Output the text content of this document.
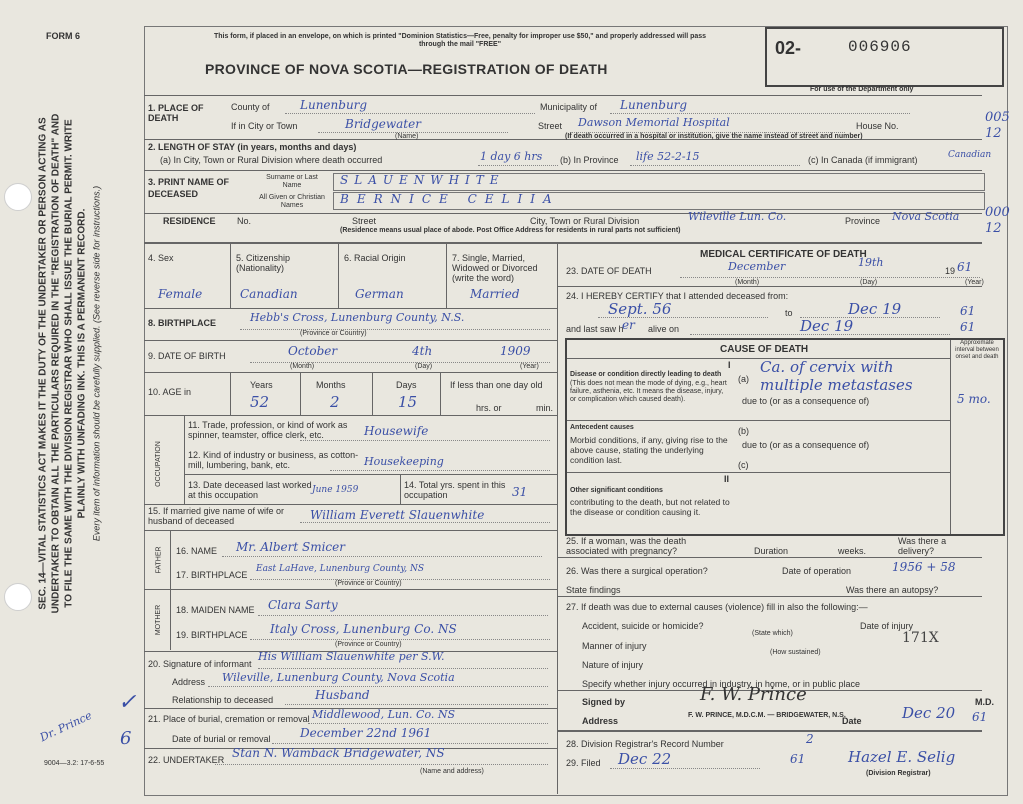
FORM 6
SEC. 14—VITAL STATISTICS ACT MAKES IT THE DUTY OF THE UNDERTAKER OR PERSON ACTING AS UNDERTAKER TO OBTAIN ALL THE PARTICULARS REQUIRED IN THE "REGISTRATION OF DEATH" AND TO FILE THE SAME WITH THE DIVISION REGISTRAR WHO SHALL ISSUE THE BURIAL PERMIT. WRITE PLAINLY WITH UNFADING INK. THIS IS A PERMANENT RECORD. Every item of information should be carefully supplied. (See reverse side for instructions.)
Dr. Prince
✓
6
9004—3.2: 17-6-55
This form, if placed in an envelope, on which is printed "Dominion Statistics—Free, penalty for improper use $50," and properly addressed will pass through the mail "FREE"
PROVINCE OF NOVA SCOTIA—REGISTRATION OF DEATH
02-	006906
For use of the Department only
005 12
000 12
1. PLACE OF DEATH
County of	Lunenburg	Municipality of Lunenburg
If in City or Town	Bridgewater
(Name)
Street Dawson Memorial Hospital	House No.
(If death occurred in a hospital or institution, give the name instead of street and number)
2. LENGTH OF STAY (in years, months and days)
(a) In City, Town or Rural Division where death occurred	1 day 6 hrs (b) In Province life 52-2-15	(c) In Canada (if immigrant)	Canadian
3. PRINT NAME OF DECEASED
Surname or Last Name
All Given or Christian Names
SLAUENWHITE
BERNICE CELIIA
RESIDENCE No.	Street	City, Town or Rural Division	Wileville Lun. Co.	Province Nova Scotia
(Residence means usual place of abode. Post Office Address for residents in rural parts not sufficient)
4. Sex	5. Citizenship (Nationality)
6. Racial Origin	7. Single, Married, Widowed or Divorced (write the word)
Female	Canadian	German	Married
8. BIRTHPLACE	Hebb's Cross, Lunenburg County, N.S.
(Province or Country)
9. DATE OF BIRTH	October	4th	1909
(Month)	(Day)	(Year)
10. AGE in
Years	Months	Days	If less than one day old
52	2	15	hrs. or	min.
OCCUPATION
11. Trade, profession, or kind of work as spinner, teamster, office clerk, etc.	Housewife
12. Kind of industry or business, as cotton-mill, lumbering, bank, etc.	Housekeeping
13. Date deceased last worked at this occupation	June 1959	14. Total yrs. spent in this occupation	31
15. If married give name of wife or husband of deceased	William Everett Slauenwhite
FATHER 16. NAME Mr. Albert Smicer
17. BIRTHPLACE
East LaHave, Lunenburg County, NS
(Province or Country)
MOTHER 18. MAIDEN NAME Clara Sarty
19. BIRTHPLACE Italy Cross, Lunenburg Co. NS
(Province or Country)
20. Signature of informant
His William Slauenwhite per S.W.
Address Wileville, Lunenburg County, Nova Scotia
Relationship to deceased	Husband
21. Place of burial, cremation or removal Middlewood, Lun. Co. NS
Date of burial or removal December 22nd 1961
22. UNDERTAKER Stan N. Wamback Bridgewater, NS
(Name and address)
MEDICAL CERTIFICATE OF DEATH
23. DATE OF DEATH	December	19th
19 61
(Month)	(Day)	(Year)
24. I HEREBY CERTIFY that I attended deceased from:
Sept. 56	to	Dec 19	61
and last saw h
er alive on	Dec 19	61
CAUSE OF DEATH
Approximate interval between onset and death
I
Disease or condition directly leading to death
(This does not mean the mode of dying, e.g., heart failure, asthenia, etc. It means the disease, injury, or complication which caused death).
(a)
Ca. of cervix with multiple metastases
5 mo.
due to (or as a consequence of)
Antecedent causes
Morbid conditions, if any, giving rise to the above cause, stating the underlying condition last.
(b)
due to (or as a consequence of)
(c)
II
Other significant conditions
contributing to the death, but not related to the disease or condition causing it.
25. If a woman, was the death associated with pregnancy?	Duration	weeks.
Was there a delivery?
26. Was there a surgical operation?	Date of operation	1956 + 58
State findings	Was there an autopsy?
27. If death was due to external causes (violence) fill in also the following:—
Accident, suicide or homicide?
(State which)
Date of injury
Manner of injury	171X
(How sustained)
Nature of injury
Specify whether injury occurred in industry, in home, or in public place
Signed by	F. W. Prince	M.D.
Address
F. W. PRINCE, M.D.C.M. — BRIDGEWATER, N.S.
Date	Dec 20 61
28. Division Registrar's Record Number	2
29. Filed Dec 22	61	Hazel E. Selig
(Division Registrar)
